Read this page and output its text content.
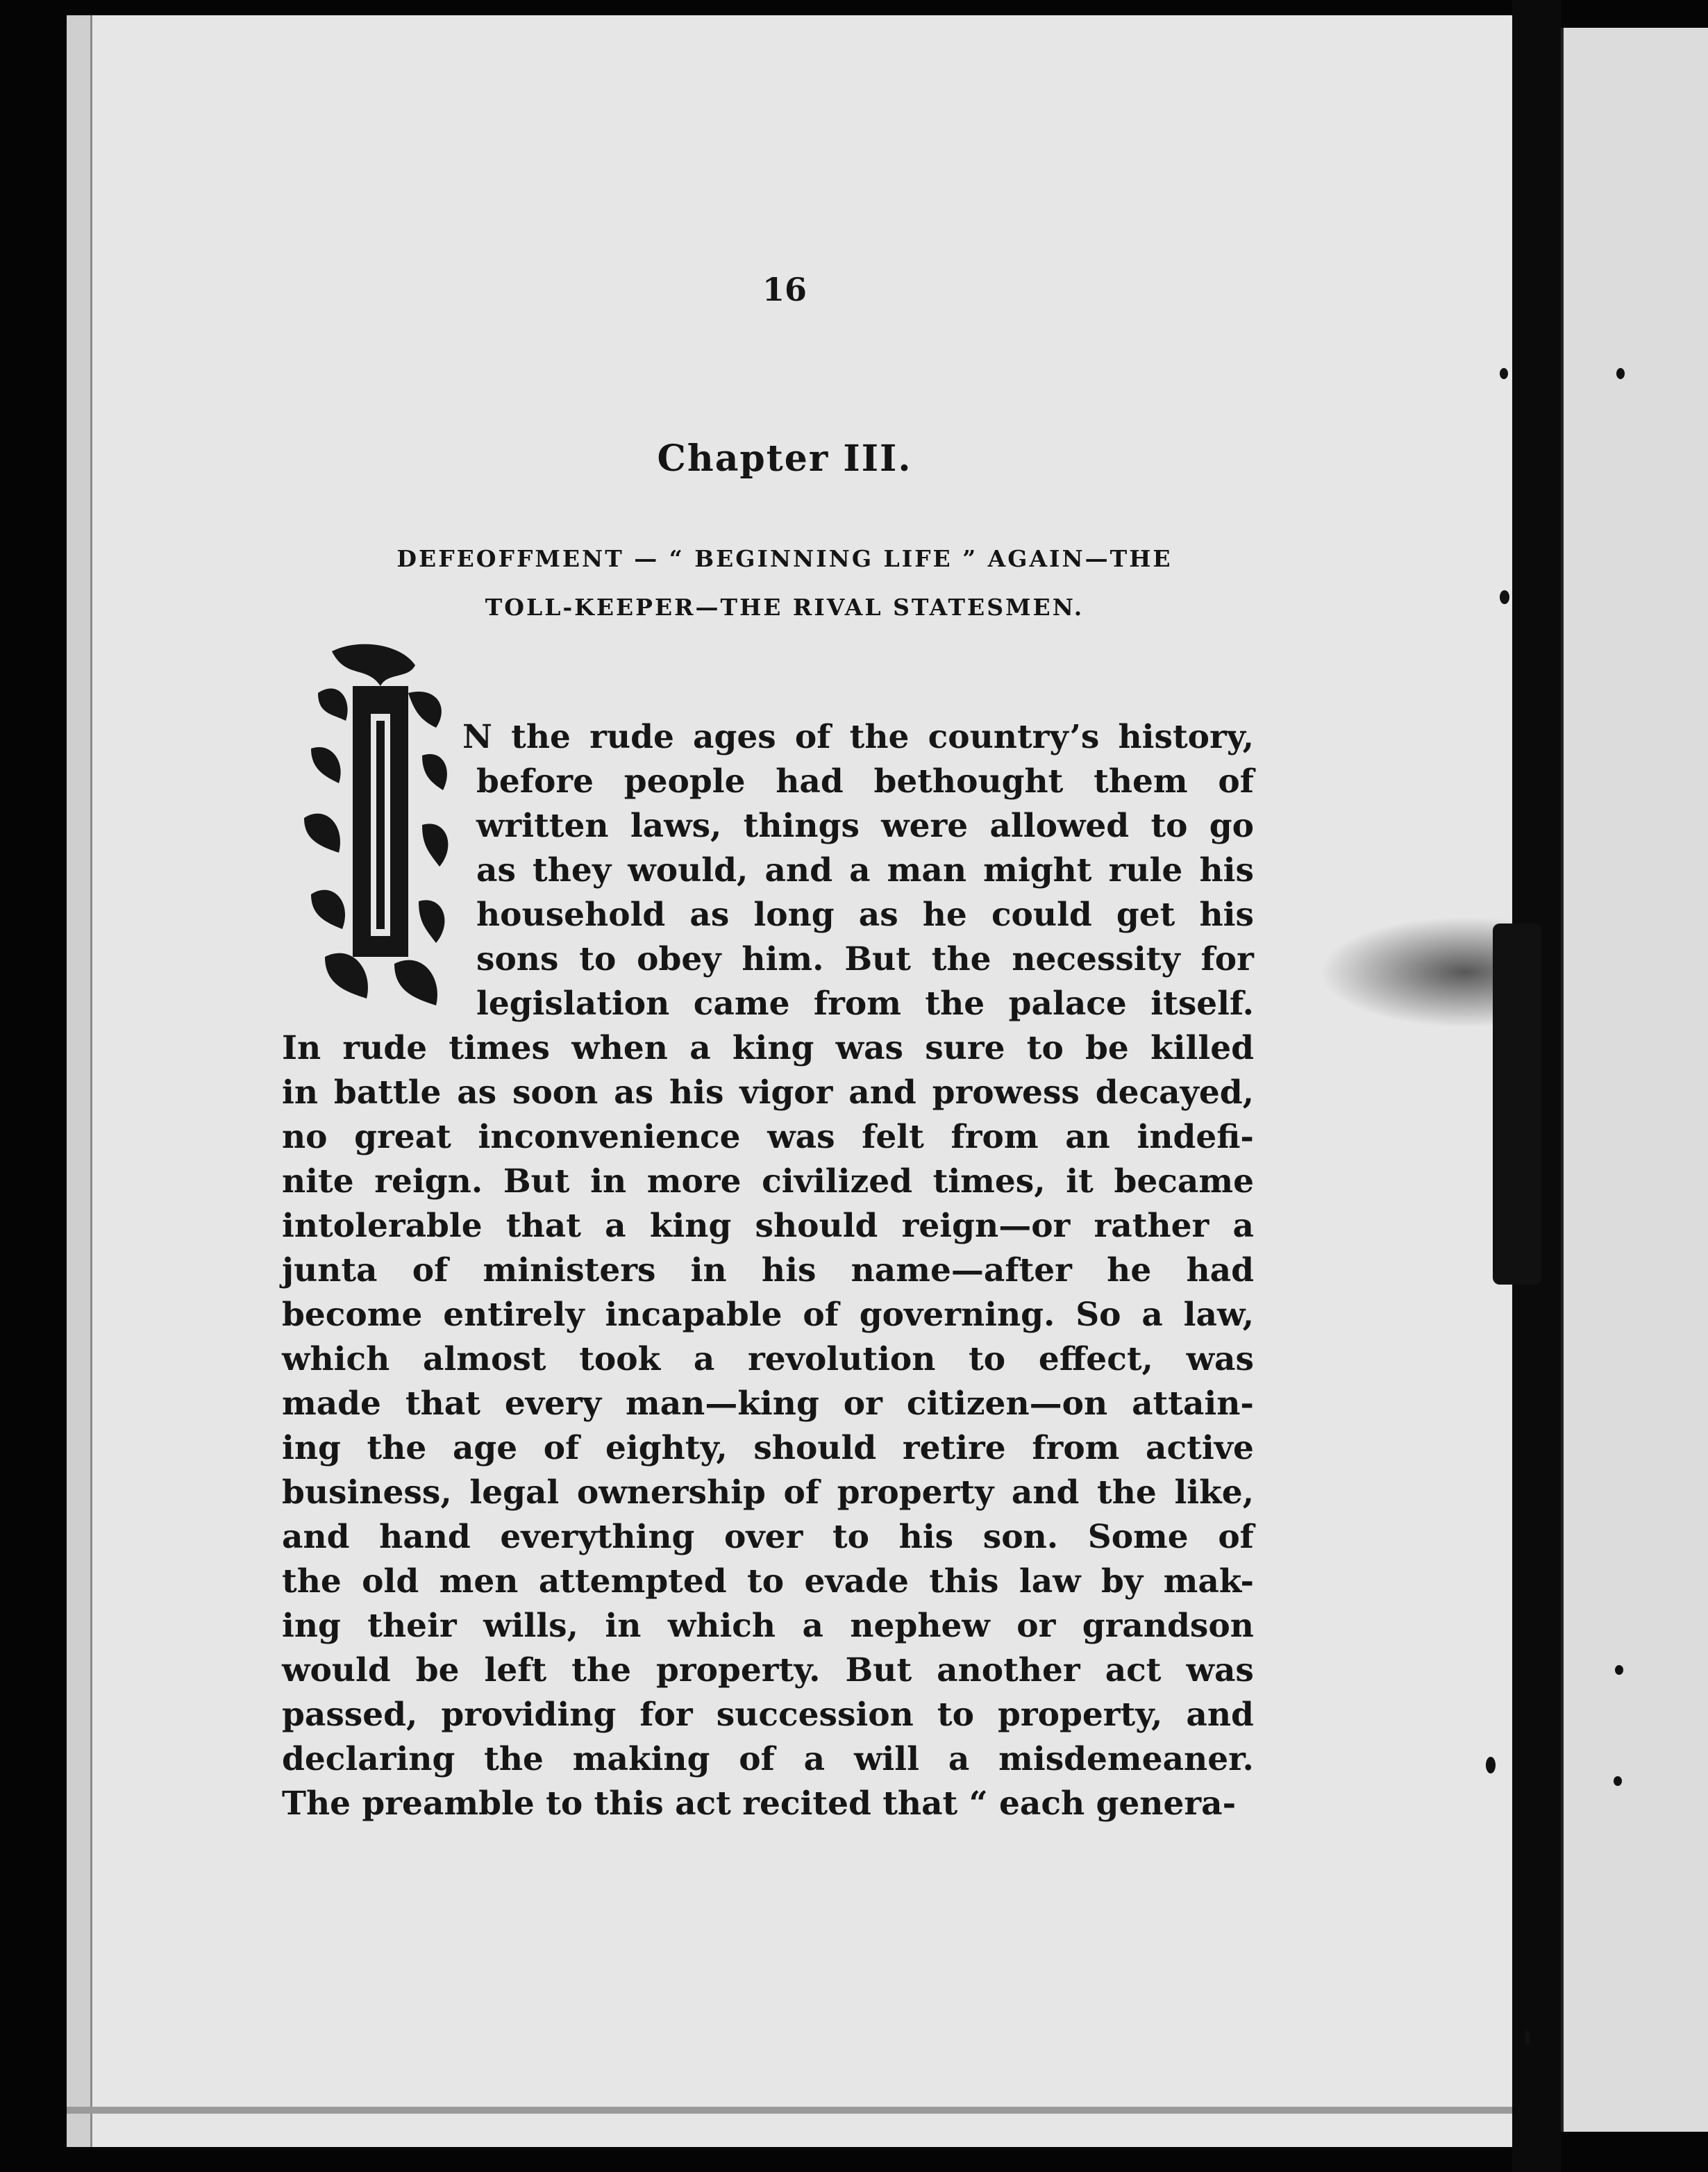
16
Chapter III.
DEFEOFFMENT — “ BEGINNING LIFE ” AGAIN—THE
TOLL-KEEPER—THE RIVAL STATESMEN.
N the rude ages of the country’s history,
before people had bethought them of
written laws, things were allowed to go
as they would, and a man might rule his
household as long as he could get his
sons to obey him. But the necessity for
legislation came from the palace itself.
In rude times when a king was sure to be killed
in battle as soon as his vigor and prowess decayed,
no great inconvenience was felt from an indefi-
nite reign. But in more civilized times, it became
intolerable that a king should reign—or rather a
junta of ministers in his name—after he had
become entirely incapable of governing. So a law,
which almost took a revolution to effect, was
made that every man—king or citizen—on attain-
ing the age of eighty, should retire from active
business, legal ownership of property and the like,
and hand everything over to his son. Some of
the old men attempted to evade this law by mak-
ing their wills, in which a nephew or grandson
would be left the property. But another act was
passed, providing for succession to property, and
declaring the making of a will a misdemeaner.
The preamble to this act recited that “ each genera-
